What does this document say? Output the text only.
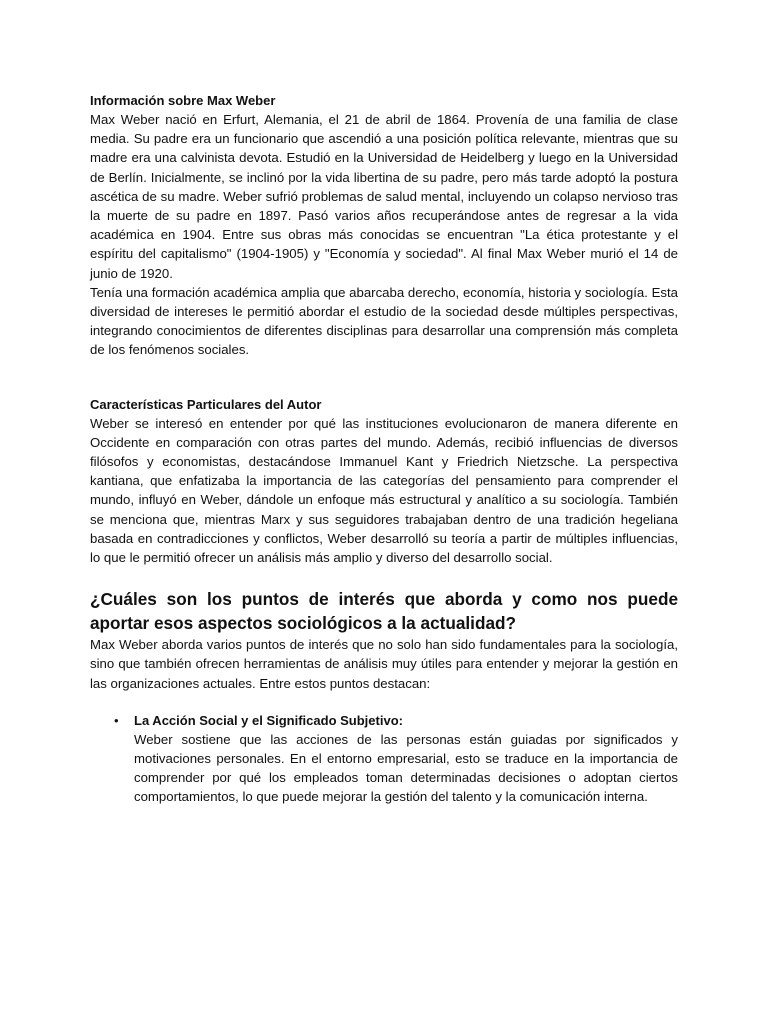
Información sobre Max Weber

Max Weber nació en Erfurt, Alemania, el 21 de abril de 1864. Provenía de una familia de clase media. Su padre era un funcionario que ascendió a una posición política relevante, mientras que su madre era una calvinista devota. Estudió en la Universidad de Heidelberg y luego en la Universidad de Berlín. Inicialmente, se inclinó por la vida libertina de su padre, pero más tarde adoptó la postura ascética de su madre. Weber sufrió problemas de salud mental, incluyendo un colapso nervioso tras la muerte de su padre en 1897. Pasó varios años recuperándose antes de regresar a la vida académica en 1904. Entre sus obras más conocidas se encuentran "La ética protestante y el espíritu del capitalismo" (1904-1905) y "Economía y sociedad". Al final Max Weber murió el 14 de junio de 1920.

Tenía una formación académica amplia que abarcaba derecho, economía, historia y sociología. Esta diversidad de intereses le permitió abordar el estudio de la sociedad desde múltiples perspectivas, integrando conocimientos de diferentes disciplinas para desarrollar una comprensión más completa de los fenómenos sociales.

Características Particulares del Autor

Weber se interesó en entender por qué las instituciones evolucionaron de manera diferente en Occidente en comparación con otras partes del mundo. Además, recibió influencias de diversos filósofos y economistas, destacándose Immanuel Kant y Friedrich Nietzsche. La perspectiva kantiana, que enfatizaba la importancia de las categorías del pensamiento para comprender el mundo, influyó en Weber, dándole un enfoque más estructural y analítico a su sociología. También se menciona que, mientras Marx y sus seguidores trabajaban dentro de una tradición hegeliana basada en contradicciones y conflictos, Weber desarrolló su teoría a partir de múltiples influencias, lo que le permitió ofrecer un análisis más amplio y diverso del desarrollo social.

¿Cuáles son los puntos de interés que aborda y como nos puede aportar esos aspectos sociológicos a la actualidad?

Max Weber aborda varios puntos de interés que no solo han sido fundamentales para la sociología, sino que también ofrecen herramientas de análisis muy útiles para entender y mejorar la gestión en las organizaciones actuales. Entre estos puntos destacan:

• La Acción Social y el Significado Subjetivo:

Weber sostiene que las acciones de las personas están guiadas por significados y motivaciones personales. En el entorno empresarial, esto se traduce en la importancia de comprender por qué los empleados toman determinadas decisiones o adoptan ciertos comportamientos, lo que puede mejorar la gestión del talento y la comunicación interna.
